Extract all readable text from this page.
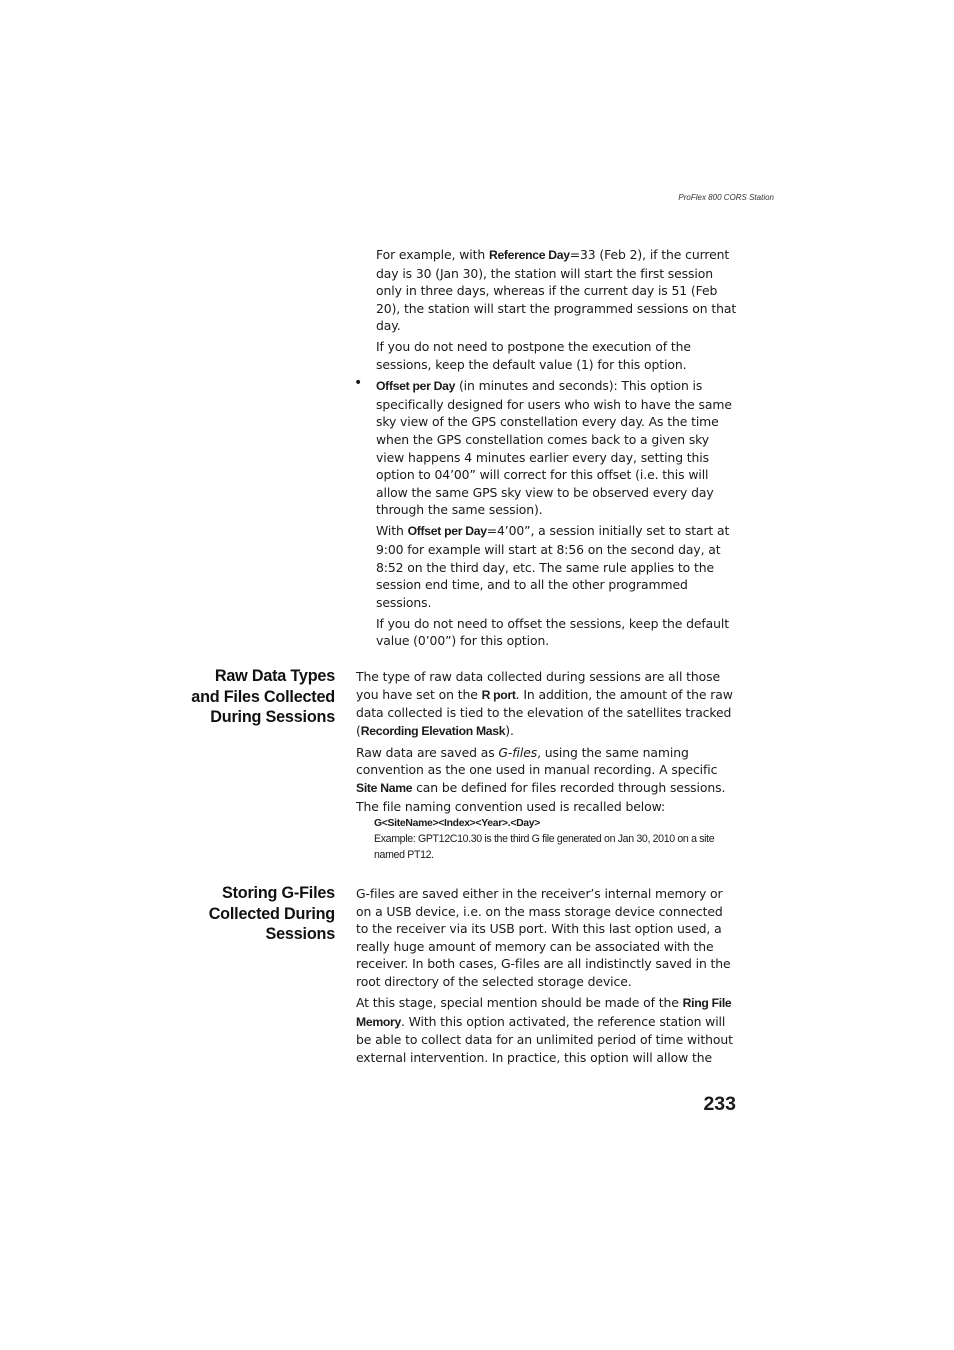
ProFlex 800 CORS Station

For example, with Reference Day=33 (Feb 2), if the current day is 30 (Jan 30), the station will start the first session only in three days, whereas if the current day is 51 (Feb 20), the station will start the programmed sessions on that day.

If you do not need to postpone the execution of the sessions, keep the default value (1) for this option.

Offset per Day (in minutes and seconds): This option is specifically designed for users who wish to have the same sky view of the GPS constellation every day. As the time when the GPS constellation comes back to a given sky view happens 4 minutes earlier every day, setting this option to 04’00” will correct for this offset (i.e. this will allow the same GPS sky view to be observed every day through the same session).

With Offset per Day=4’00”, a session initially set to start at 9:00 for example will start at 8:56 on the second day, at 8:52 on the third day, etc. The same rule applies to the session end time, and to all the other programmed sessions.

If you do not need to offset the sessions, keep the default value (0’00”) for this option.

•
Raw Data Types
and Files Collected
During Sessions

The type of raw data collected during sessions are all those you have set on the R port. In addition, the amount of the raw data collected is tied to the elevation of the satellites tracked (Recording Elevation Mask).

Raw data are saved as G-files, using the same naming convention as the one used in manual recording. A specific Site Name can be defined for files recorded through sessions. The file naming convention used is recalled below:

G<SiteName><Index><Year>.<Day>

Example: GPT12C10.30 is the third G file generated on Jan 30, 2010 on a site named PT12.

Storing G-Files
Collected During
Sessions

G-files are saved either in the receiver’s internal memory or on a USB device, i.e. on the mass storage device connected to the receiver via its USB port. With this last option used, a really huge amount of memory can be associated with the receiver. In both cases, G-files are all indistinctly saved in the root directory of the selected storage device.

At this stage, special mention should be made of the Ring File Memory. With this option activated, the reference station will be able to collect data for an unlimited period of time without external intervention. In practice, this option will allow the

233
